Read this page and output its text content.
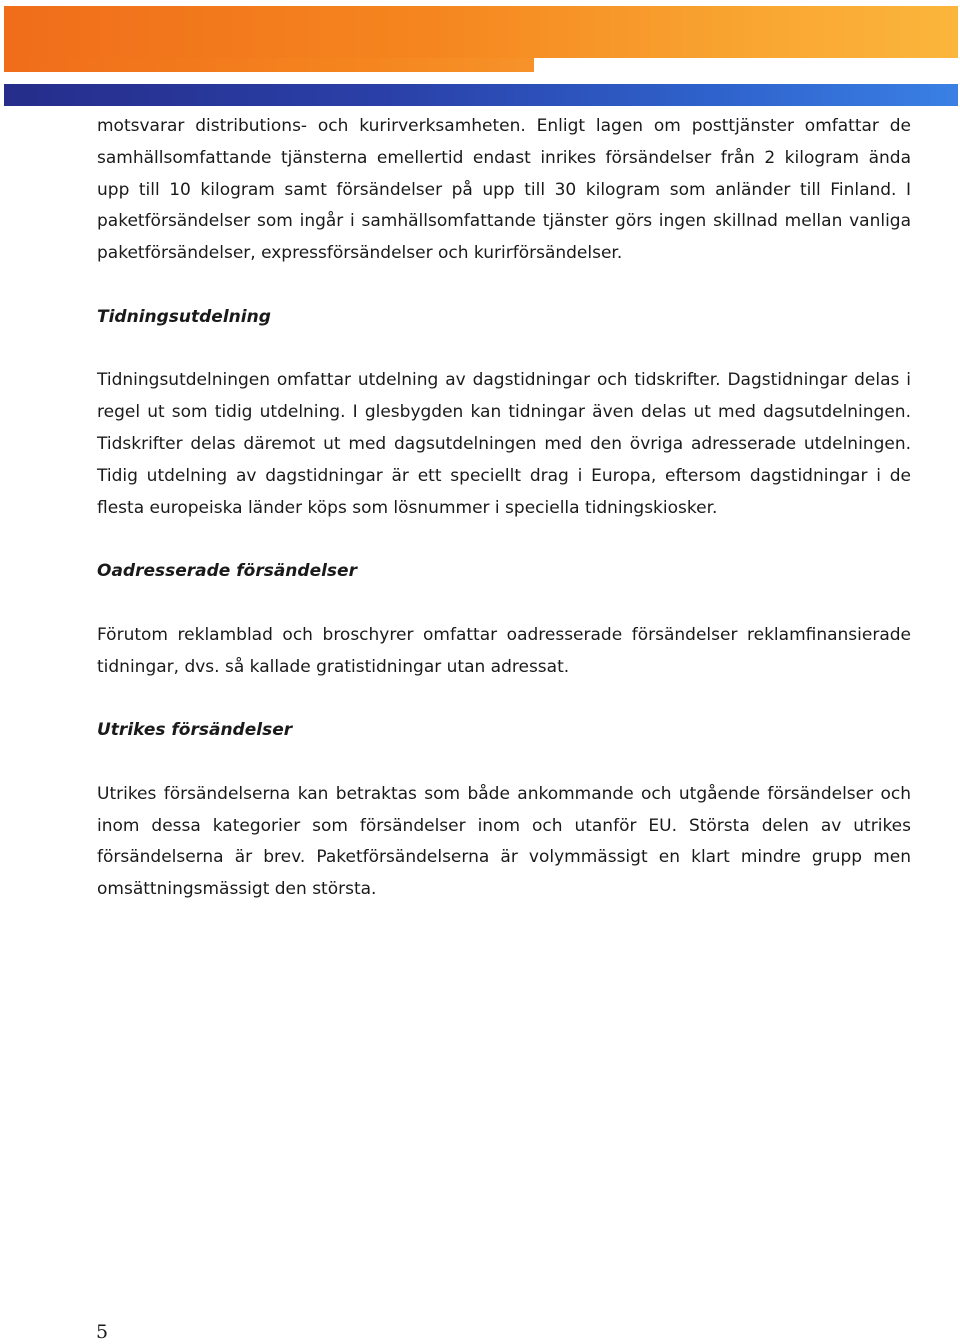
motsvarar distributions- och kurirverksamheten. Enligt lagen om posttjänster omfattar de samhällsomfattande tjänsterna emellertid endast inrikes försändelser från 2 kilogram ända upp till 10 kilogram samt försändelser på upp till 30 kilogram som anländer till Finland. I paketförsändelser som ingår i samhällsomfattande tjänster görs ingen skillnad mellan vanliga paketförsändelser, expressförsändelser och kurirförsändelser.

Tidningsutdelning

Tidningsutdelningen omfattar utdelning av dagstidningar och tidskrifter. Dagstidningar delas i regel ut som tidig utdelning. I glesbygden kan tidningar även delas ut med dagsutdelningen. Tidskrifter delas däremot ut med dagsutdelningen med den övriga adresserade utdelningen. Tidig utdelning av dagstidningar är ett speciellt drag i Europa, eftersom dagstidningar i de flesta europeiska länder köps som lösnummer i speciella tidningskiosker.

Oadresserade försändelser

Förutom reklamblad och broschyrer omfattar oadresserade försändelser reklamfinansierade tidningar, dvs. så kallade gratistidningar utan adressat.

Utrikes försändelser

Utrikes försändelserna kan betraktas som både ankommande och utgående försändelser och inom dessa kategorier som försändelser inom och utanför EU. Största delen av utrikes försändelserna är brev. Paketförsändelserna är volymmässigt en klart mindre grupp men omsättningsmässigt den största.

5
